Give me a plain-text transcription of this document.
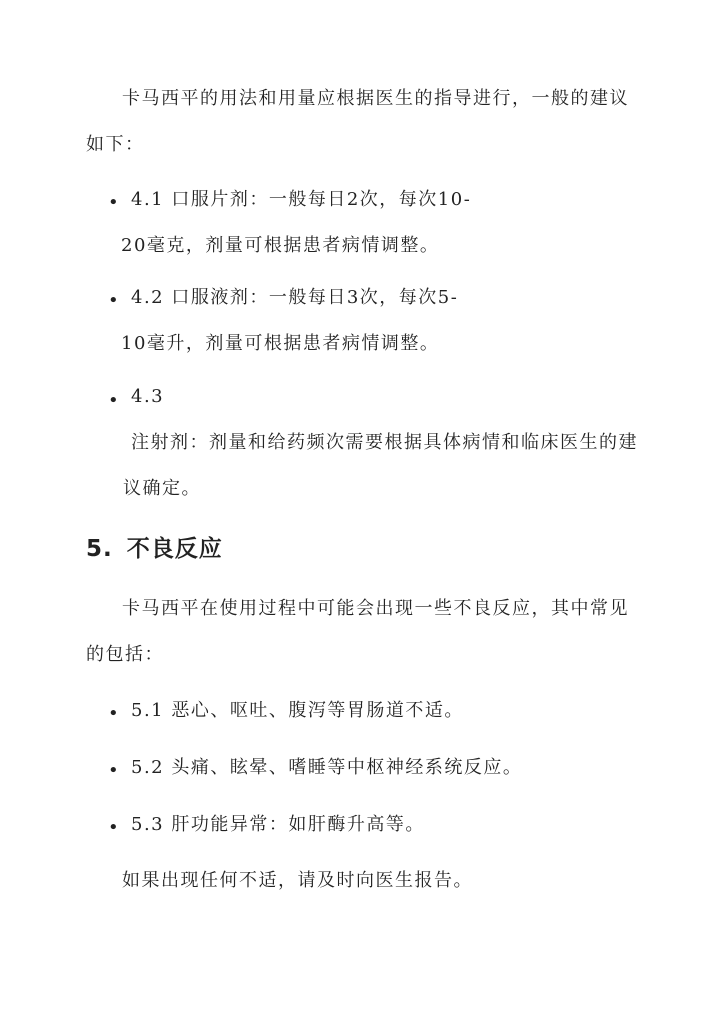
卡马西平的用法和用量应根据医生的指导进行，一般的建议如下：

• 4.1 口服片剂：一般每日2次，每次10-
20毫克，剂量可根据患者病情调整。
• 4.2 口服液剂：一般每日3次，每次5-
10毫升，剂量可根据患者病情调整。
• 4.3
注射剂：剂量和给药频次需要根据具体病情和临床医生的建
议确定。
5. 不良反应

卡马西平在使用过程中可能会出现一些不良反应，其中常见的包括：

• 5.1 恶心、呕吐、腹泻等胃肠道不适。
• 5.2 头痛、眩晕、嗜睡等中枢神经系统反应。
• 5.3 肝功能异常：如肝酶升高等。

如果出现任何不适，请及时向医生报告。
